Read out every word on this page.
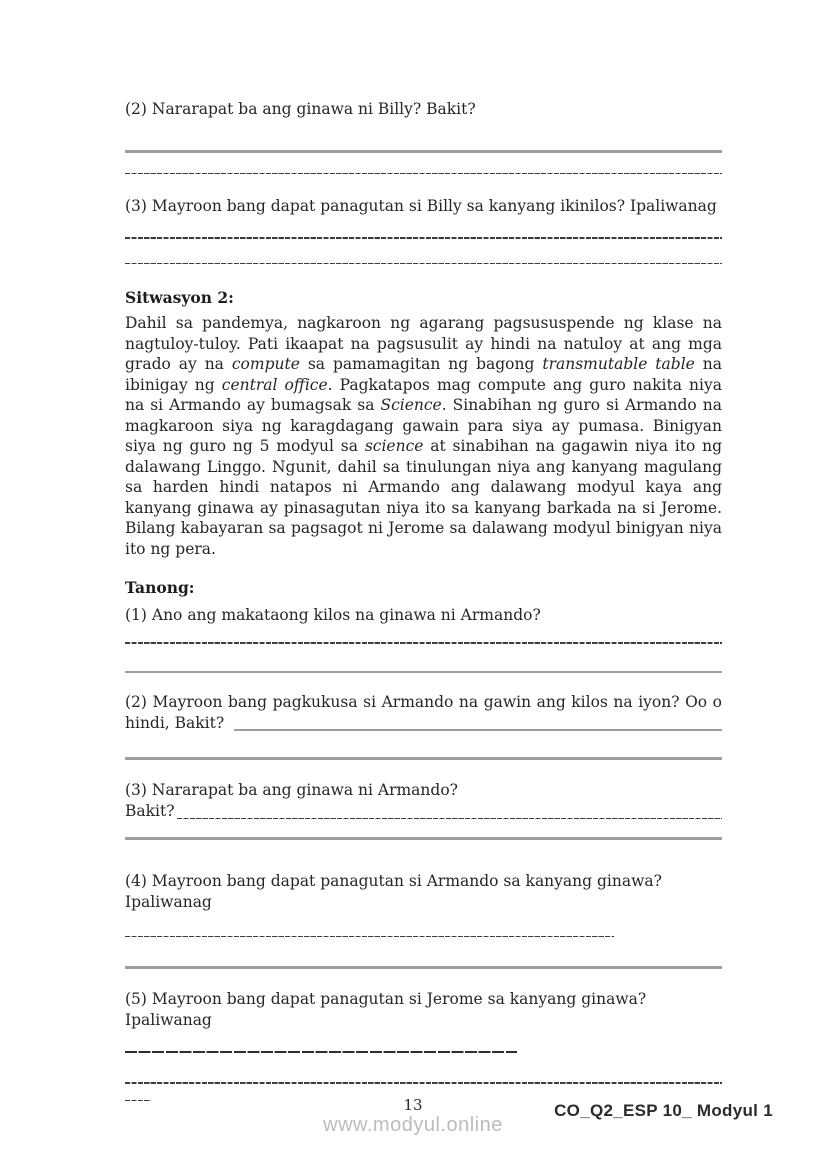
(2) Nararapat ba ang ginawa ni Billy? Bakit?
(3) Mayroon bang dapat panagutan si Billy sa kanyang ikinilos? Ipaliwanag
Sitwasyon 2:
Dahil sa pandemya, nagkaroon ng agarang pagsususpende ng klase na nagtuloy-tuloy. Pati ikaapat na pagsusulit ay hindi na natuloy at ang mga grado ay na compute sa pamamagitan ng bagong transmutable table na ibinigay ng central office. Pagkatapos mag compute ang guro nakita niya na si Armando ay bumagsak sa Science. Sinabihan ng guro si Armando na magkaroon siya ng karagdagang gawain para siya ay pumasa. Binigyan siya ng guro ng 5 modyul sa science at sinabihan na gagawin niya ito ng dalawang Linggo. Ngunit, dahil sa tinulungan niya ang kanyang magulang sa harden hindi natapos ni Armando ang dalawang modyul kaya ang kanyang ginawa ay pinasagutan niya ito sa kanyang barkada na si Jerome. Bilang kabayaran sa pagsagot ni Jerome sa dalawang modyul binigyan niya ito ng pera.
Tanong:
(1) Ano ang makataong kilos na ginawa ni Armando?
(2) Mayroon bang pagkukusa si Armando na gawin ang kilos na iyon? Oo o
hindi, Bakit?
(3) Nararapat ba ang ginawa ni Armando?
Bakit?
(4) Mayroon bang dapat panagutan si Armando sa kanyang ginawa? Ipaliwanag
(5) Mayroon bang dapat panagutan si Jerome sa kanyang ginawa? Ipaliwanag
13
www.modyul.online
CO_Q2_ESP 10_ Modyul 1
